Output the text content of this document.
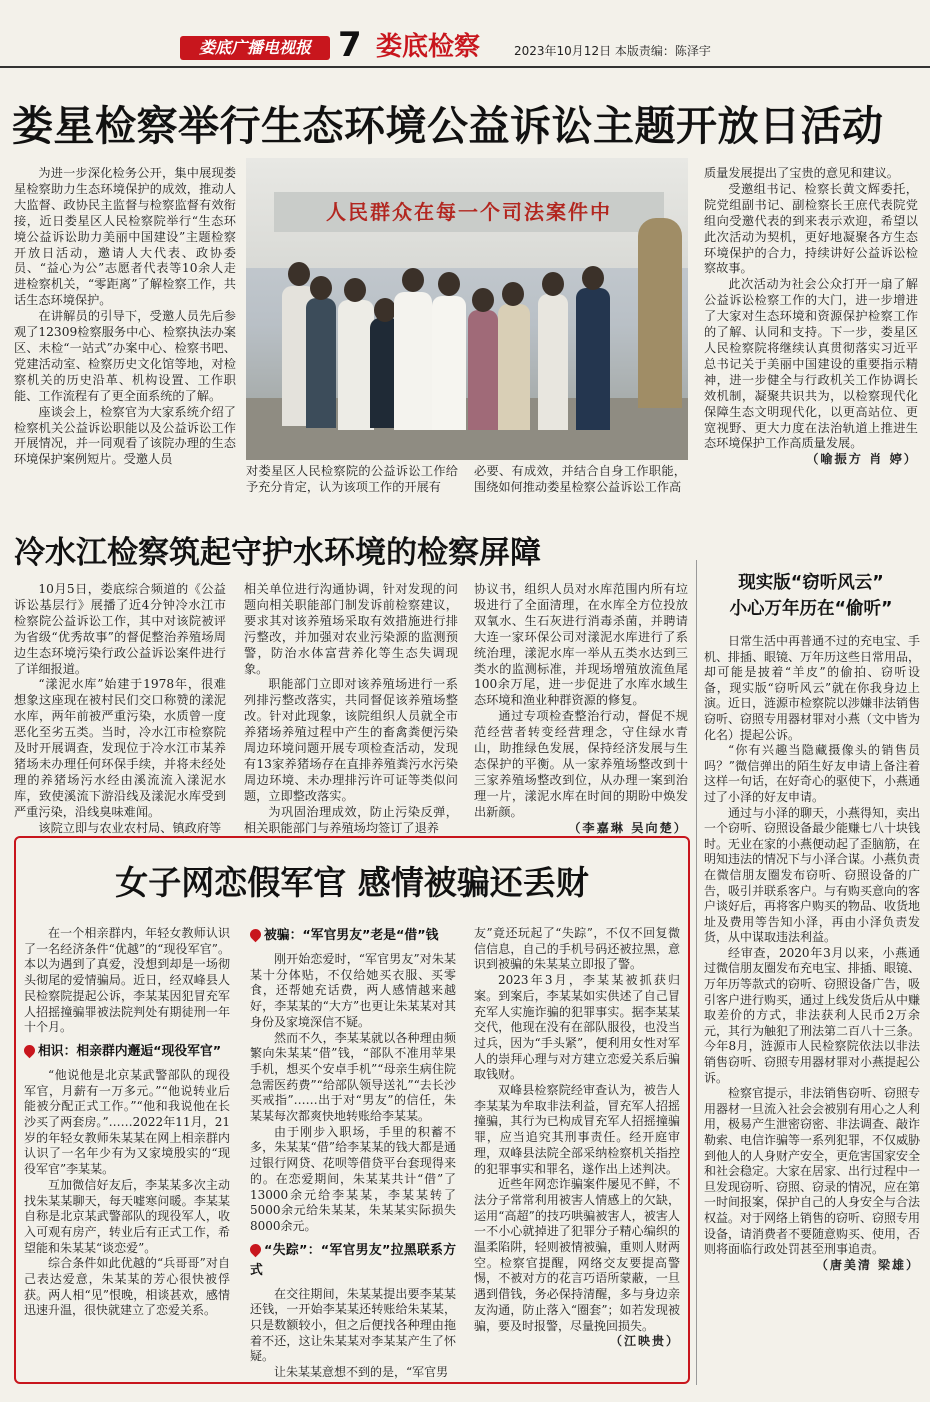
娄底广播电视报 7 娄底检察	2023年10月12日 本版责编：陈泽宇
娄星检察举行生态环境公益诉讼主题开放日活动

为进一步深化检务公开，集中展现娄星检察助力生态环境保护的成效，推动人大监督、政协民主监督与检察监督有效衔接，近日娄星区人民检察院举行“生态环境公益诉讼助力美丽中国建设”主题检察开放日活动，邀请人大代表、政协委员、“益心为公”志愿者代表等10余人走进检察机关，“零距离”了解检察工作，共话生态环境保护。

在讲解员的引导下，受邀人员先后参观了12309检察服务中心、检察执法办案区、未检“一站式”办案中心、检察书吧、党建活动室、检察历史文化馆等地，对检察机关的历史沿革、机构设置、工作职能、工作流程有了更全面系统的了解。

座谈会上，检察官为大家系统介绍了检察机关公益诉讼职能以及公益诉讼工作开展情况，并一同观看了该院办理的生态环境保护案例短片。受邀人员

人民群众在每一个司法案件中

对娄星区人民检察院的公益诉讼工作给予充分肯定，认为该项工作的开展有

必要、有成效，并结合自身工作职能，围绕如何推动娄星检察公益诉讼工作高

质量发展提出了宝贵的意见和建议。

受邀组书记、检察长黄文辉委托，院党组副书记、副检察长王庶代表院党组向受邀代表的到来表示欢迎，希望以此次活动为契机，更好地凝聚各方生态环境保护的合力，持续讲好公益诉讼检察故事。

此次活动为社会公众打开一扇了解公益诉讼检察工作的大门，进一步增进了大家对生态环境和资源保护检察工作的了解、认同和支持。下一步，娄星区人民检察院将继续认真贯彻落实习近平总书记关于美丽中国建设的重要指示精神，进一步健全与行政机关工作协调长效机制，凝聚共识共为，以检察现代化保障生态文明现代化，以更高站位、更宽视野、更大力度在法治轨道上推进生态环境保护工作高质量发展。

（喻振方 肖 婷）

冷水江检察筑起守护水环境的检察屏障

10月5日，娄底综合频道的《公益诉讼基层行》展播了近4分钟冷水江市检察院公益诉讼工作，其中对该院被评为省级“优秀故事”的督促整治养殖场周边生态环境污染行政公益诉讼案件进行了详细报道。

“漾泥水库”始建于1978年，很难想象这座现在被村民们交口称赞的漾泥水库，两年前被严重污染，水质曾一度恶化至劣五类。当时，冷水江市检察院及时开展调查，发现位于冷水江市某养猪场未办理任何环保手续，并将未经处理的养猪场污水经由溪流流入漾泥水库，致使溪流下游沿线及漾泥水库受到严重污染，沿线臭味难闻。

该院立即与农业农村局、镇政府等

相关单位进行沟通协调，针对发现的问题向相关职能部门制发诉前检察建议，要求其对该养殖场采取有效措施进行排污整改，并加强对农业污染源的监测预警，防治水体富营养化等生态失调现象。

职能部门立即对该养殖场进行一系列排污整改落实，共同督促该养殖场整改。针对此现象，该院组织人员就全市养猪场养殖过程中产生的畜禽粪便污染周边环境问题开展专项检查活动，发现有13家养猪场存在直排养殖粪污水污染周边环境、未办理排污许可证等类似问题，立即整改落实。

为巩固治理成效，防止污染反弹，相关职能部门与养殖场均签订了退养

协议书，组织人员对水库范围内所有垃圾进行了全面清理，在水库全方位投放双氧水、生石灰进行消毒杀菌，并聘请大连一家环保公司对漾泥水库进行了系统治理，漾泥水库一举从五类水达到三类水的监测标准，并现场增殖放流鱼尾100余万尾，进一步促进了水库水域生态环境和渔业种群资源的修复。

通过专项检查整治行动，督促不规范经营者转变经营理念，守住绿水青山，助推绿色发展，保持经济发展与生态保护的平衡。从一家养殖场整改到十三家养殖场整改到位，从办理一案到治理一片，漾泥水库在时间的期盼中焕发出新颜。

（李嘉琳 吴向楚）

现实版“窃听风云”
小心万年历在“偷听”

日常生活中再普通不过的充电宝、手机、排插、眼镜、万年历这些日常用品，却可能是披着“羊皮”的偷拍、窃听设备，现实版“窃听风云”就在你我身边上演。近日，涟源市检察院以涉嫌非法销售窃听、窃照专用器材罪对小燕（文中皆为化名）提起公诉。

“你有兴趣当隐藏摄像头的销售员吗？”微信弹出的陌生好友申请上备注着这样一句话，在好奇心的驱使下，小燕通过了小泽的好友申请。

通过与小泽的聊天，小燕得知，卖出一个窃听、窃照设备最少能赚七八十块钱时。无业在家的小燕便动起了歪脑筋，在明知违法的情况下与小泽合谋。小燕负责在微信朋友圈发布窃听、窃照设备的广告，吸引并联系客户。与有购买意向的客户谈好后，再将客户购买的物品、收货地址及费用等告知小泽，再由小泽负责发货，从中谋取违法利益。

经审查，2020年3月以来，小燕通过微信朋友圈发布充电宝、排插、眼镜、万年历等款式的窃听、窃照设备广告，吸引客户进行购买，通过上线发货后从中赚取差价的方式，非法获利人民币2万余元，其行为触犯了刑法第二百八十三条。今年8月，涟源市人民检察院依法以非法销售窃听、窃照专用器材罪对小燕提起公诉。

检察官提示，非法销售窃听、窃照专用器材一旦流入社会会被别有用心之人利用，极易产生泄密窃密、非法调查、敲诈勒索、电信诈骗等一系列犯罪，不仅威胁到他人的人身财产安全，更危害国家安全和社会稳定。大家在居家、出行过程中一旦发现窃听、窃照、窃录的情况，应在第一时间报案，保护自己的人身安全与合法权益。对于网络上销售的窃听、窃照专用设备，请消费者不要随意购买、使用，否则将面临行政处罚甚至刑事追责。

（唐美清 梁雄）

女子网恋假军官 感情被骗还丢财

在一个相亲群内，年轻女教师认识了一名经济条件“优越”的“现役军官”。本以为遇到了真爱，没想到却是一场彻头彻尾的爱情骗局。近日，经双峰县人民检察院提起公诉，李某某因犯冒充军人招摇撞骗罪被法院判处有期徒刑一年十个月。

相识：相亲群内邂逅“现役军官”

“他说他是北京某武警部队的现役军官，月薪有一万多元。”“他说转业后能被分配正式工作。”“他和我说他在长沙买了两套房。”……2022年11月，21岁的年轻女教师朱某某在网上相亲群内认识了一名年少有为又家境殷实的“现役军官”李某某。

互加微信好友后，李某某多次主动找朱某某聊天，每天嘘寒问暖。李某某自称是北京某武警部队的现役军人，收入可观有房产，转业后有正式工作，希望能和朱某某“谈恋爱”。

综合条件如此优越的“兵哥哥”对自己表达爱意，朱某某的芳心很快被俘获。两人相“见”恨晚，相谈甚欢，感情迅速升温，很快就建立了恋爱关系。

被骗：“军官男友”老是“借”钱

刚开始恋爱时，“军官男友”对朱某某十分体贴，不仅给她买衣服、买零食，还帮她充话费，两人感情越来越好，李某某的“大方”也更让朱某某对其身份及家境深信不疑。

然而不久，李某某就以各种理由频繁向朱某某“借”钱，“部队不准用苹果手机，想买个安卓手机”“母亲生病住院急需医药费”“给部队领导送礼”“去长沙买戒指”……出于对“男友”的信任，朱某某每次都爽快地转账给李某某。

由于刚步入职场，手里的积蓄不多，朱某某“借”给李某某的钱大都是通过银行网贷、花呗等借贷平台套现得来的。在恋爱期间，朱某某共计“借”了13000余元给李某某，李某某转了5000余元给朱某某，朱某某实际损失8000余元。

“失踪”：“军官男友”拉黑联系方式

在交往期间，朱某某提出要李某某还钱，一开始李某某还转账给朱某某，只是数额较小，但之后便找各种理由拖着不还，这让朱某某对李某某产生了怀疑。

让朱某某意想不到的是，“军官男

友”竟还玩起了“失踪”，不仅不回复微信信息，自己的手机号码还被拉黑，意识到被骗的朱某某立即报了警。

2023年3月，李某某被抓获归案。到案后，李某某如实供述了自己冒充军人实施诈骗的犯罪事实。据李某某交代，他现在没有在部队服役，也没当过兵，因为“手头紧”，便利用女性对军人的崇拜心理与对方建立恋爱关系后骗取钱财。

双峰县检察院经审查认为，被告人李某某为牟取非法利益，冒充军人招摇撞骗，其行为已构成冒充军人招摇撞骗罪，应当追究其刑事责任。经开庭审理，双峰县法院全部采纳检察机关指控的犯罪事实和罪名，遂作出上述判决。

近些年网恋诈骗案件屡见不鲜，不法分子常常利用被害人情感上的欠缺，运用“高超”的技巧哄骗被害人，被害人一不小心就掉进了犯罪分子精心编织的温柔陷阱，轻则被情被骗，重则人财两空。检察官提醒，网络交友要提高警惕，不被对方的花言巧语所蒙蔽，一旦遇到借钱，务必保持清醒，多与身边亲友沟通，防止落入“圈套”；如若发现被骗，要及时报警，尽量挽回损失。

（江映贵）
